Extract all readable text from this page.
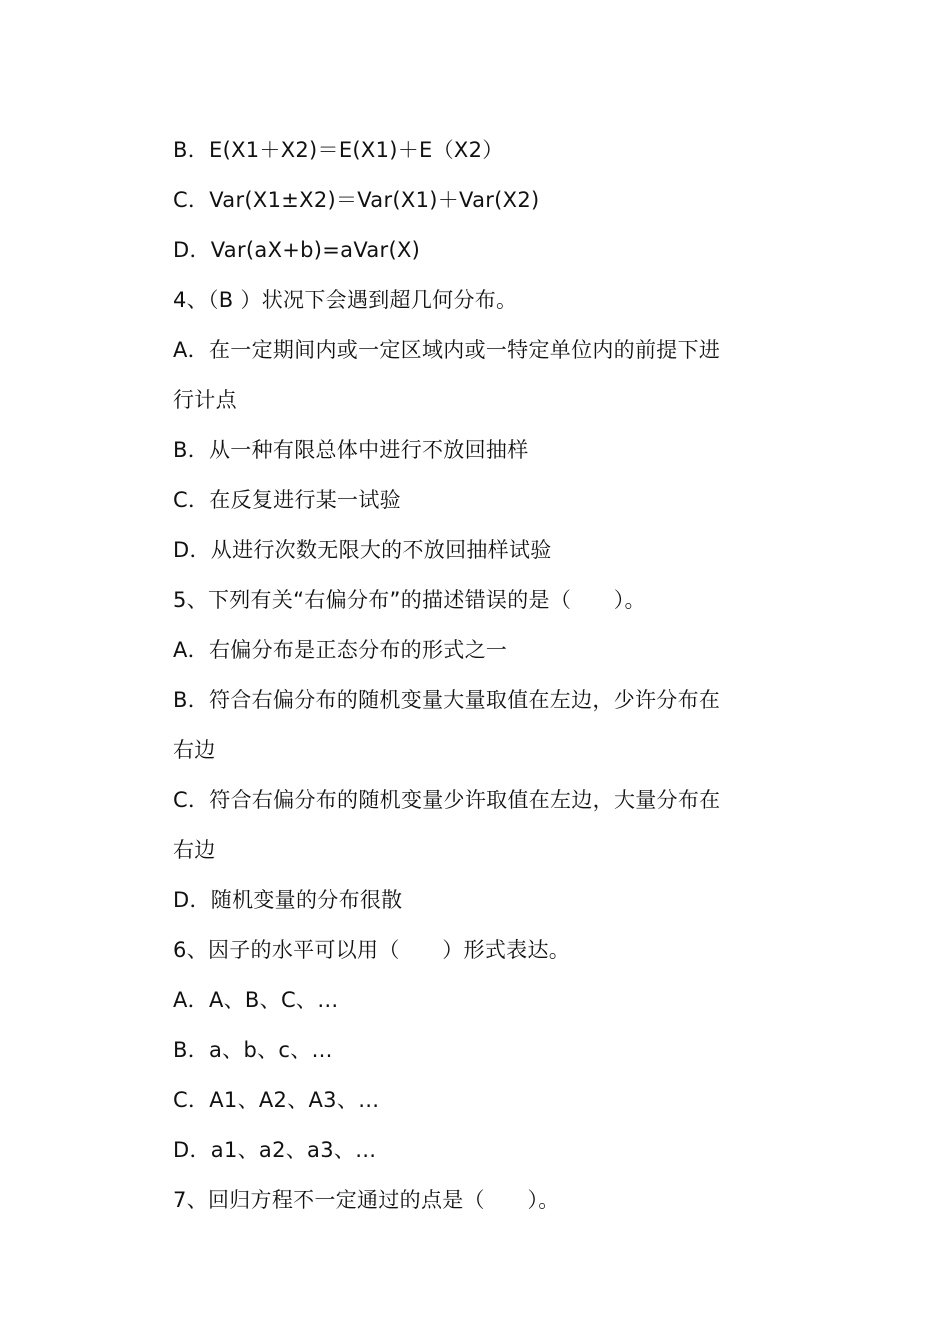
B．E(X1＋X2)＝E(X1)＋E（X2）
C．Var(X1±X2)＝Var(X1)＋Var(X2)
D．Var(aX+b)=aVar(X)
4、（B ）状况下会遇到超几何分布。
A．在一定期间内或一定区域内或一特定单位内的前提下进
行计点
B．从一种有限总体中进行不放回抽样
C．在反复进行某一试验
D．从进行次数无限大的不放回抽样试验
5、下列有关“右偏分布”的描述错误的是（　　）。
A．右偏分布是正态分布的形式之一
B．符合右偏分布的随机变量大量取值在左边，少许分布在
右边
C．符合右偏分布的随机变量少许取值在左边，大量分布在
右边
D．随机变量的分布很散
6、因子的水平可以用（　　）形式表达。
A．A、B、C、…
B．a、b、c、…
C．A1、A2、A3、…
D．a1、a2、a3、…
7、回归方程不一定通过的点是（　　）。
